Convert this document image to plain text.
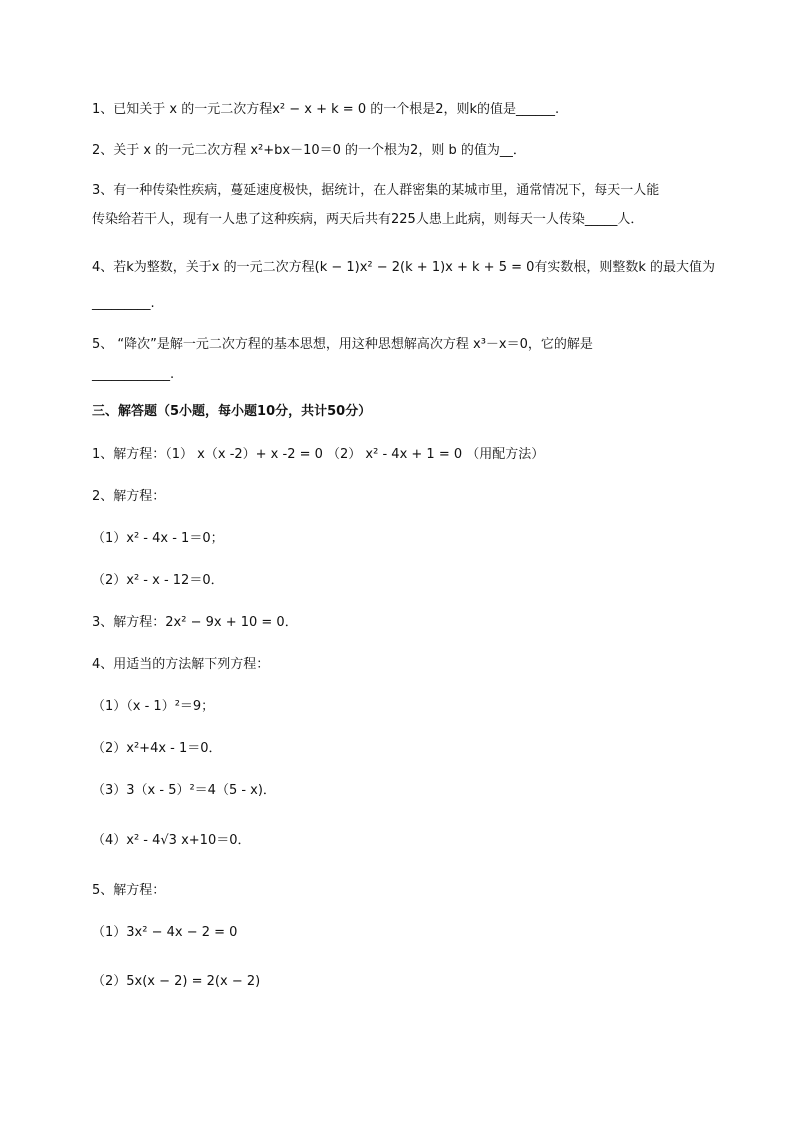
1、已知关于 x 的一元二次方程x² − x + k = 0 的一个根是2，则k的值是______.
2、关于 x 的一元二次方程 x²+bx－10＝0 的一个根为2，则 b 的值为__．
3、有一种传染性疾病，蔓延速度极快，据统计，在人群密集的某城市里，通常情况下，每天一人能
传染给若干人，现有一人患了这种疾病，两天后共有225人患上此病，则每天一人传染_____人．
4、若k为整数，关于x 的一元二次方程(k − 1)x² − 2(k + 1)x + k + 5 = 0有实数根，则整数k 的最大值为
_________.
5、 “降次”是解一元二次方程的基本思想，用这种思想解高次方程 x³－x＝0，它的解是
____________.
三、解答题（5小题，每小题10分，共计50分）
1、解方程：（1） x（x -2）+ x -2 = 0 （2） x² - 4x + 1 = 0 （用配方法）
2、解方程：
（1）x² - 4x - 1＝0；
（2）x² - x - 12＝0．
3、解方程：2x² − 9x + 10 = 0．
4、用适当的方法解下列方程：
（1）（x - 1）²＝9；
（2）x²+4x - 1＝0．
（3）3（x - 5）²＝4（5 - x)．
（4）x² - 4√3 x+10＝0．
5、解方程：
（1）3x² − 4x − 2 = 0
（2）5x(x − 2) = 2(x − 2)
